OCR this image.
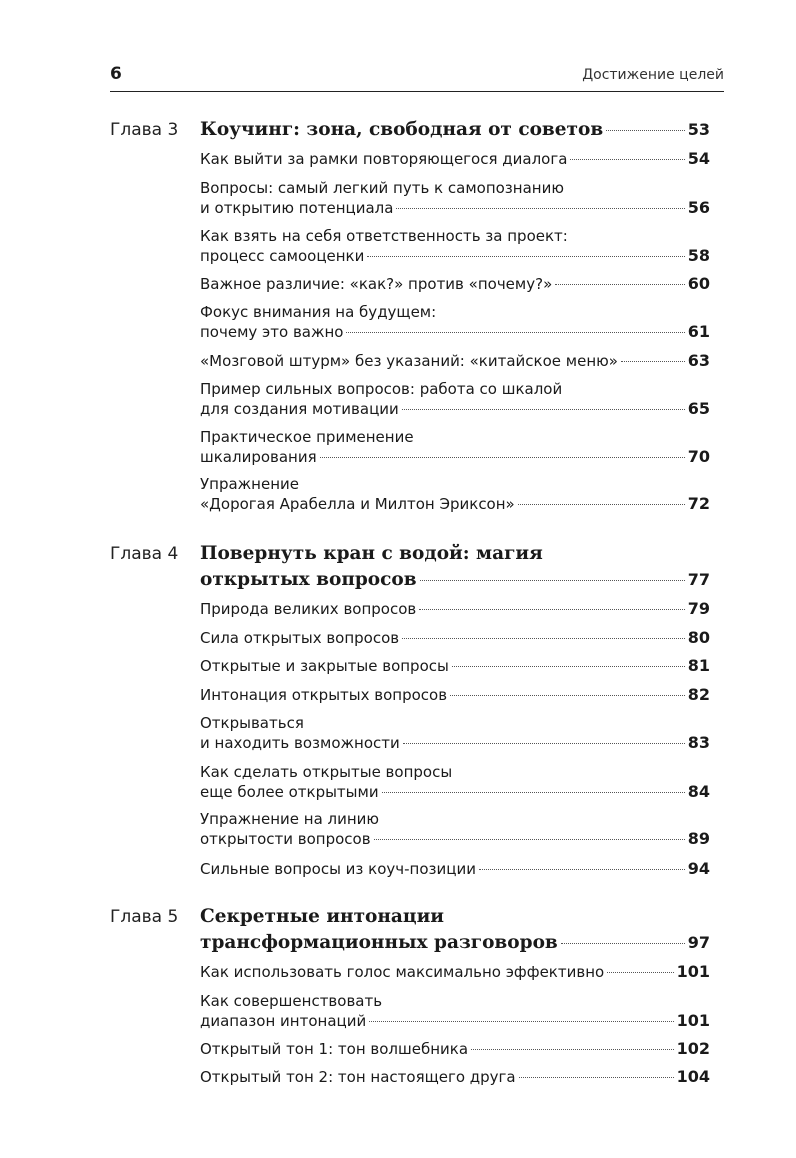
6	Достижение целей
Глава 3 Коучинг: зона, свободная от советов	53
Как выйти за рамки повторяющегося диалога	54
Вопросы: самый легкий путь к самопознанию
и открытию потенциала	56
Как взять на себя ответственность за проект:
процесс самооценки	58
Важное различие: «как?» против «почему?»	60
Фокус внимания на будущем:
почему это важно	61
«Мозговой штурм» без указаний: «китайское меню»	63
Пример сильных вопросов: работа со шкалой
для создания мотивации	65
Практическое применение
шкалирования	70
Упражнение
«Дорогая Арабелла и Милтон Эриксон»	72
Глава 4 Повернуть кран с водой: магия
открытых вопросов	77
Природа великих вопросов	79
Сила открытых вопросов	80
Открытые и закрытые вопросы	81
Интонация открытых вопросов	82
Открываться
и находить возможности	83
Как сделать открытые вопросы
еще более открытыми	84
Упражнение на линию
открытости вопросов	89
Сильные вопросы из коуч-позиции	94
Глава 5 Секретные интонации
трансформационных разговоров	97
Как использовать голос максимально эффективно	101
Как совершенствовать
диапазон интонаций	101
Открытый тон 1: тон волшебника	102
Открытый тон 2: тон настоящего друга	104
